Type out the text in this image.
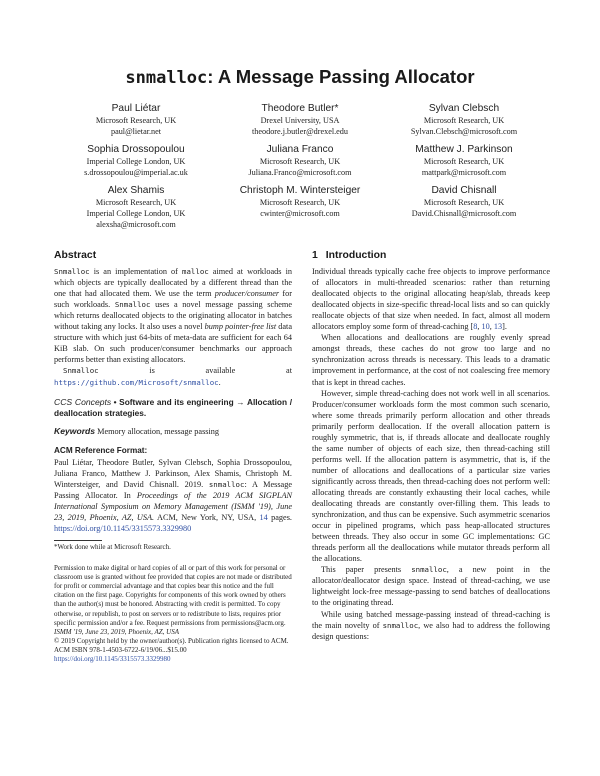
snmalloc: A Message Passing Allocator
Paul Liétar
Microsoft Research, UK
paul@lietar.net
Theodore Butler*
Drexel University, USA
theodore.j.butler@drexel.edu
Sylvan Clebsch
Microsoft Research, UK
Sylvan.Clebsch@microsoft.com
Sophia Drossopoulou
Imperial College London, UK
s.drossopoulou@imperial.ac.uk
Juliana Franco
Microsoft Research, UK
Juliana.Franco@microsoft.com
Matthew J. Parkinson
Microsoft Research, UK
mattpark@microsoft.com
Alex Shamis
Microsoft Research, UK
Imperial College London, UK
alexsha@microsoft.com
Christoph M. Wintersteiger
Microsoft Research, UK
cwinter@microsoft.com
David Chisnall
Microsoft Research, UK
David.Chisnall@microsoft.com
Abstract

Snmalloc is an implementation of malloc aimed at workloads in which objects are typically deallocated by a different thread than the one that had allocated them. We use the term producer/consumer for such workloads. Snmalloc uses a novel message passing scheme which returns deallocated objects to the originating allocator in batches without taking any locks. It also uses a novel bump pointer-free list data structure with which just 64-bits of meta-data are sufficient for each 64 KiB slab. On such producer/consumer benchmarks our approach performs better than existing allocators.

Snmalloc is available at https://github.com/Microsoft/snmalloc.

CCS Concepts • Software and its engineering → Allocation / deallocation strategies.

Keywords Memory allocation, message passing

ACM Reference Format:
Paul Liétar, Theodore Butler, Sylvan Clebsch, Sophia Drossopoulou, Juliana Franco, Matthew J. Parkinson, Alex Shamis, Christoph M. Wintersteiger, and David Chisnall. 2019. snmalloc: A Message Passing Allocator. In Proceedings of the 2019 ACM SIGPLAN International Symposium on Memory Management (ISMM '19), June 23, 2019, Phoenix, AZ, USA. ACM, New York, NY, USA, 14 pages. https://doi.org/10.1145/3315573.3329980

*Work done while at Microsoft Research.

Permission to make digital or hard copies of all or part of this work for personal or classroom use is granted without fee provided that copies are not made or distributed for profit or commercial advantage and that copies bear this notice and the full citation on the first page. Copyrights for components of this work owned by others than the author(s) must be honored. Abstracting with credit is permitted. To copy otherwise, or republish, to post on servers or to redistribute to lists, requires prior specific permission and/or a fee. Request permissions from permissions@acm.org.
ISMM '19, June 23, 2019, Phoenix, AZ, USA
© 2019 Copyright held by the owner/author(s). Publication rights licensed to ACM.
ACM ISBN 978-1-4503-6722-6/19/06...$15.00
https://doi.org/10.1145/3315573.3329980
1 Introduction

Individual threads typically cache free objects to improve performance of allocators in multi-threaded scenarios: rather than returning deallocated objects to the original allocating heap/slab, threads keep deallocated objects in size-specific thread-local lists and so can quickly reallocate objects of that size when needed. In fact, almost all modern allocators employ some form of thread-caching [8, 10, 13].

When allocations and deallocations are roughly evenly spread amongst threads, these caches do not grow too large and no synchronization across threads is necessary. This leads to a dramatic improvement in performance, at the cost of not coalescing free memory that is kept in thread caches.

However, simple thread-caching does not work well in all scenarios. Producer/consumer workloads form the most common such scenario, where some threads primarily perform allocation and other threads primarily perform deallocation. If the overall allocation pattern is roughly symmetric, that is, if threads allocate and deallocate roughly the same number of objects of each size, then thread-caching still performs well. If the allocation pattern is asymmetric, that is, if the number of allocations and deallocations of a particular size varies significantly across threads, then thread-caching does not perform well: allocating threads are constantly exhausting their local caches, while deallocating threads are constantly over-filling them. This leads to synchronization, and thus can be expensive. Such asymmetric scenarios occur in pipelined programs, which pass heap-allocated structures between threads. They also occur in some GC implementations: GC threads perform all the deallocations while mutator threads perform all the allocations.

This paper presents snmalloc, a new point in the allocator/deallocator design space. Instead of thread-caching, we use lightweight lock-free message-passing to send batches of deallocations to the originating thread.

While using batched message-passing instead of thread-caching is the main novelty of snmalloc, we also had to address the following design questions:
